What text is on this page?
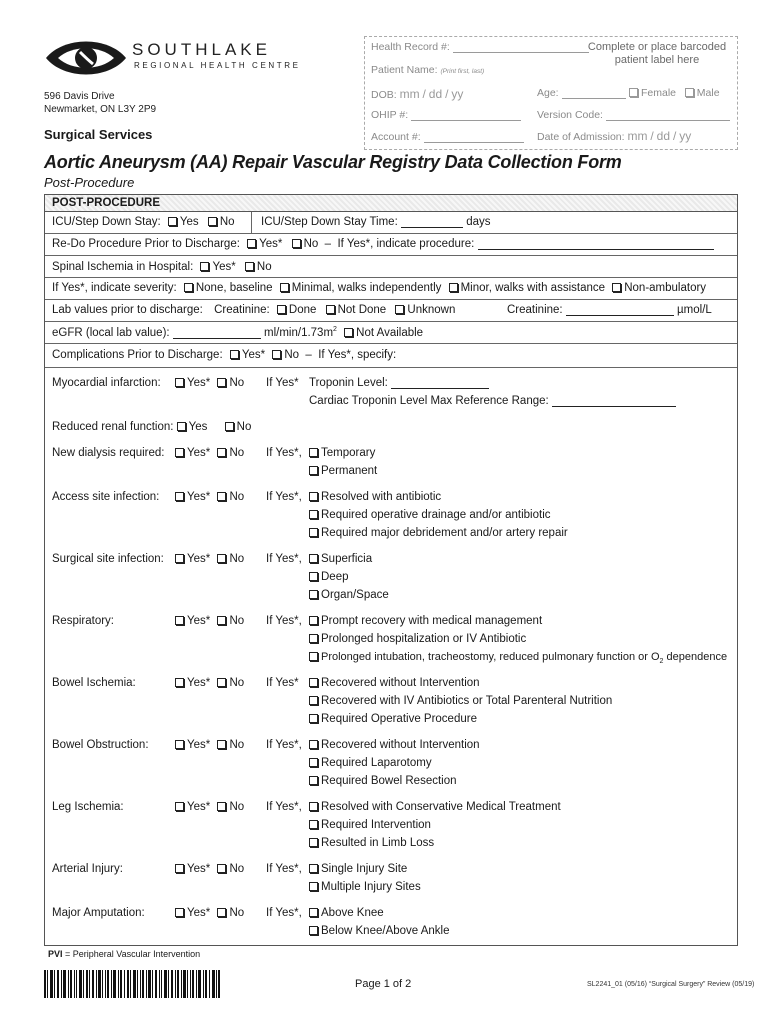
SOUTHLAKE
REGIONAL HEALTH CENTRE
596 Davis Drive
Newmarket, ON L3Y 2P9
Surgical Services
Aortic Aneurysm (AA) Repair Vascular Registry Data Collection Form
Post-Procedure
Health Record #:	Complete or place barcoded patient label here
Patient Name: (Print first, last)
DOB: mm / dd / yy	Age:	Female Male
OHIP #:	Version Code:
Account #:	Date of Admission: mm / dd / yy
POST-PROCEDURE
ICU/Step Down Stay: Yes No ICU/Step Down Stay Time:	days
Re-Do Procedure Prior to Discharge: Yes* No – If Yes*, indicate procedure:
Spinal Ischemia in Hospital: Yes* No
If Yes*, indicate severity: None, baseline Minimal, walks independently Minor, walks with assistance Non-ambulatory
Lab values prior to discharge: Creatinine: Done Not Done Unknown	Creatinine:	µmol/L
eGFR (local lab value):	$ml/\min/1.73m^2$ Not Available
Complications Prior to Discharge: Yes* No – If Yes*, specify:
Myocardial infarction:	Yes* No If Yes* Troponin Level:
Cardiac Troponin Level Max Reference Range:
Reduced renal function: Yes	No
New dialysis required:	Yes* No If Yes*,	Temporary
Permanent
Access site infection:	Yes* No If Yes*,	Resolved with antibiotic
Required operative drainage and/or antibiotic
Required major debridement and/or artery repair
Surgical site infection:	Yes* No If Yes*,	Superficia
Deep
Organ/Space
Respiratory:	Yes* No If Yes*,	Prompt recovery with medical management
Prolonged hospitalization or IV Antibiotic
Prolonged intubation, tracheostomy, reduced pulmonary function or $O_2$ dependence
Bowel Ischemia:	Yes* No If Yes*	Recovered without Intervention
Recovered with IV Antibiotics or Total Parenteral Nutrition
Required Operative Procedure
Bowel Obstruction:	Yes* No If Yes*,	Recovered without Intervention
Required Laparotomy
Required Bowel Resection
Leg Ischemia:	Yes* No If Yes*,	Resolved with Conservative Medical Treatment
Required Intervention
Resulted in Limb Loss
Arterial Injury:	Yes* No If Yes*,	Single Injury Site
Multiple Injury Sites
Major Amputation:	Yes* No If Yes*,	Above Knee
Below Knee/Above Ankle
PVI = Peripheral Vascular Intervention
Page 1 of 2	SL2241_01 (05/16) “Surgical Surgery” Review (05/19)
